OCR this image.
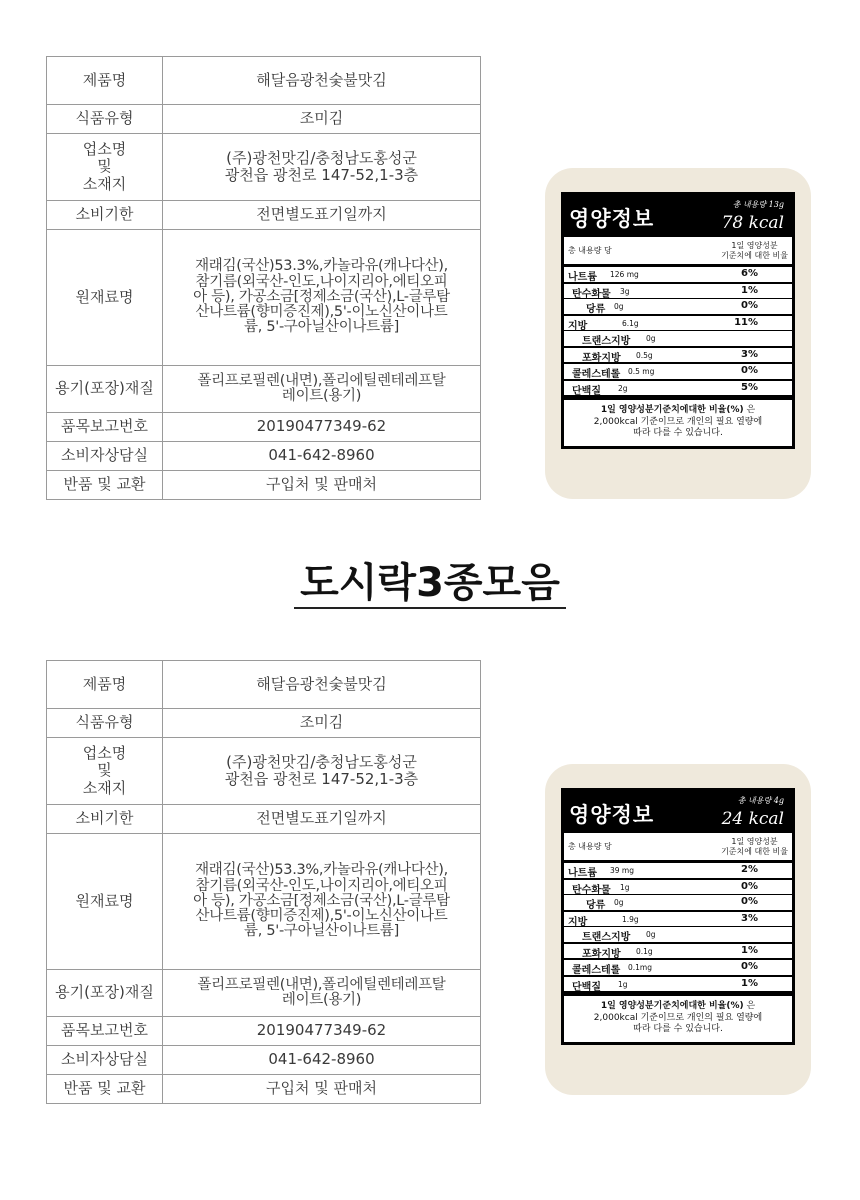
제품명	해달음광천숯불맛김
식품유형	조미김
업소명
및
소재지	(주)광천맛김/충청남도홍성군
광천읍 광천로 147-52,1-3층
소비기한	전면별도표기일까지
원재료명	재래김(국산)53.3%,카놀라유(캐나다산),
참기름(외국산-인도,나이지리아,에티오피
아 등), 가공소금[정제소금(국산),L-글루탐
산나트륨(향미증진제),5'-이노신산이나트
륨, 5'-구아닐산이나트륨]
용기(포장)재질	폴리프로필렌(내면),폴리에틸렌테레프탈
레이트(용기)
품목보고번호	20190477349-62
소비자상담실	041-642-8960
반품 및 교환	구입처 및 판매처
영양정보
총 내용량 13g
78 kcal
총 내용량 당
1일 영양성분
기준치에 대한 비율
나트륨 126 mg	6%
탄수화물 3g	1%
당류 0g	0%
지방	6.1g	11%
트랜스지방 0g
포화지방 0.5g	3%
콜레스테롤 0.5 mg	0%
단백질 2g	5%
1일 영양성분기준치에대한 비율(%) 은
2,000kcal 기준이므로 개인의 필요 열량에
따라 다를 수 있습니다.
도시락3종모음
제품명	해달음광천숯불맛김
식품유형	조미김
업소명
및
소재지	(주)광천맛김/충청남도홍성군
광천읍 광천로 147-52,1-3층
소비기한	전면별도표기일까지
원재료명	재래김(국산)53.3%,카놀라유(캐나다산),
참기름(외국산-인도,나이지리아,에티오피
아 등), 가공소금[정제소금(국산),L-글루탐
산나트륨(향미증진제),5'-이노신산이나트
륨, 5'-구아닐산이나트륨]
용기(포장)재질	폴리프로필렌(내면),폴리에틸렌테레프탈
레이트(용기)
품목보고번호	20190477349-62
소비자상담실	041-642-8960
반품 및 교환	구입처 및 판매처
영양정보
총 내용량 4g
24 kcal
총 내용량 당
1일 영양성분
기준치에 대한 비율
나트륨 39 mg	2%
탄수화물 1g	0%
당류 0g	0%
지방	1.9g	3%
트랜스지방 0g
포화지방 0.1g	1%
콜레스테롤 0.1mg	0%
단백질 1g	1%
1일 영양성분기준치에대한 비율(%) 은
2,000kcal 기준이므로 개인의 필요 열량에
따라 다를 수 있습니다.
